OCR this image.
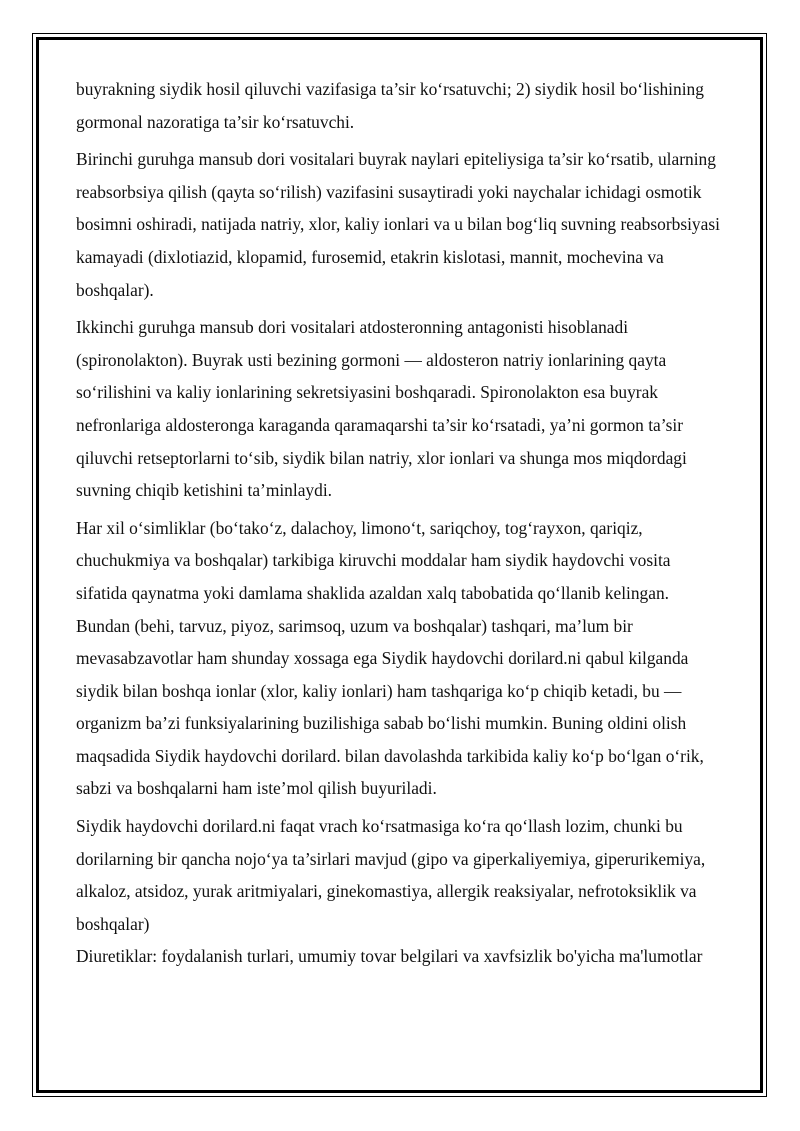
buyrakning siydik hosil qiluvchi vazifasiga ta’sir ko‘rsatuvchi; 2) siydik hosil bo‘lishining gormonal nazoratiga ta’sir ko‘rsatuvchi.

Birinchi guruhga mansub dori vositalari buyrak naylari epiteliysiga ta’sir ko‘rsatib, ularning reabsorbsiya qilish (qayta so‘rilish) vazifasini susaytiradi yoki naychalar ichidagi osmotik bosimni oshiradi, natijada natriy, xlor, kaliy ionlari va u bilan bog‘liq suvning reabsorbsiyasi kamayadi (dixlotiazid, klopamid, furosemid, etakrin kislotasi, mannit, mochevina va boshqalar).

Ikkinchi guruhga mansub dori vositalari atdosteronning antagonisti hisoblanadi (spironolakton). Buyrak usti bezining gormoni — aldosteron natriy ionlarining qayta so‘rilishini va kaliy ionlarining sekretsiyasini boshqaradi. Spironolakton esa buyrak nefronlariga aldosteronga karaganda qaramaqarshi ta’sir ko‘rsatadi, ya’ni gormon ta’sir qiluvchi retseptorlarni to‘sib, siydik bilan natriy, xlor ionlari va shunga mos miqdordagi suvning chiqib ketishini ta’minlaydi.

Har xil o‘simliklar (bo‘tako‘z, dalachoy, limono‘t, sariqchoy, tog‘rayxon, qariqiz, chuchukmiya va boshqalar) tarkibiga kiruvchi moddalar ham siydik haydovchi vosita sifatida qaynatma yoki damlama shaklida azaldan xalq tabobatida qo‘llanib kelingan. Bundan (behi, tarvuz, piyoz, sarimsoq, uzum va boshqalar) tashqari, ma’lum bir mevasabzavotlar ham shunday xossaga ega Siydik haydovchi dorilard.ni qabul kilganda siydik bilan boshqa ionlar (xlor, kaliy ionlari) ham tashqariga ko‘p chiqib ketadi, bu — organizm ba’zi funksiyalarining buzilishiga sabab bo‘lishi mumkin. Buning oldini olish maqsadida Siydik haydovchi dorilard. bilan davolashda tarkibida kaliy ko‘p bo‘lgan o‘rik, sabzi va boshqalarni ham iste’mol qilish buyuriladi.

Siydik haydovchi dorilard.ni faqat vrach ko‘rsatmasiga ko‘ra qo‘llash lozim, chunki bu dorilarning bir qancha nojo‘ya ta’sirlari mavjud (gipo va giperkaliyemiya, giperurikemiya, alkaloz, atsidoz, yurak aritmiyalari, ginekomastiya, allergik reaksiyalar, nefrotoksiklik va boshqalar)

Diuretiklar: foydalanish turlari, umumiy tovar belgilari va xavfsizlik bo'yicha ma'lumotlar
